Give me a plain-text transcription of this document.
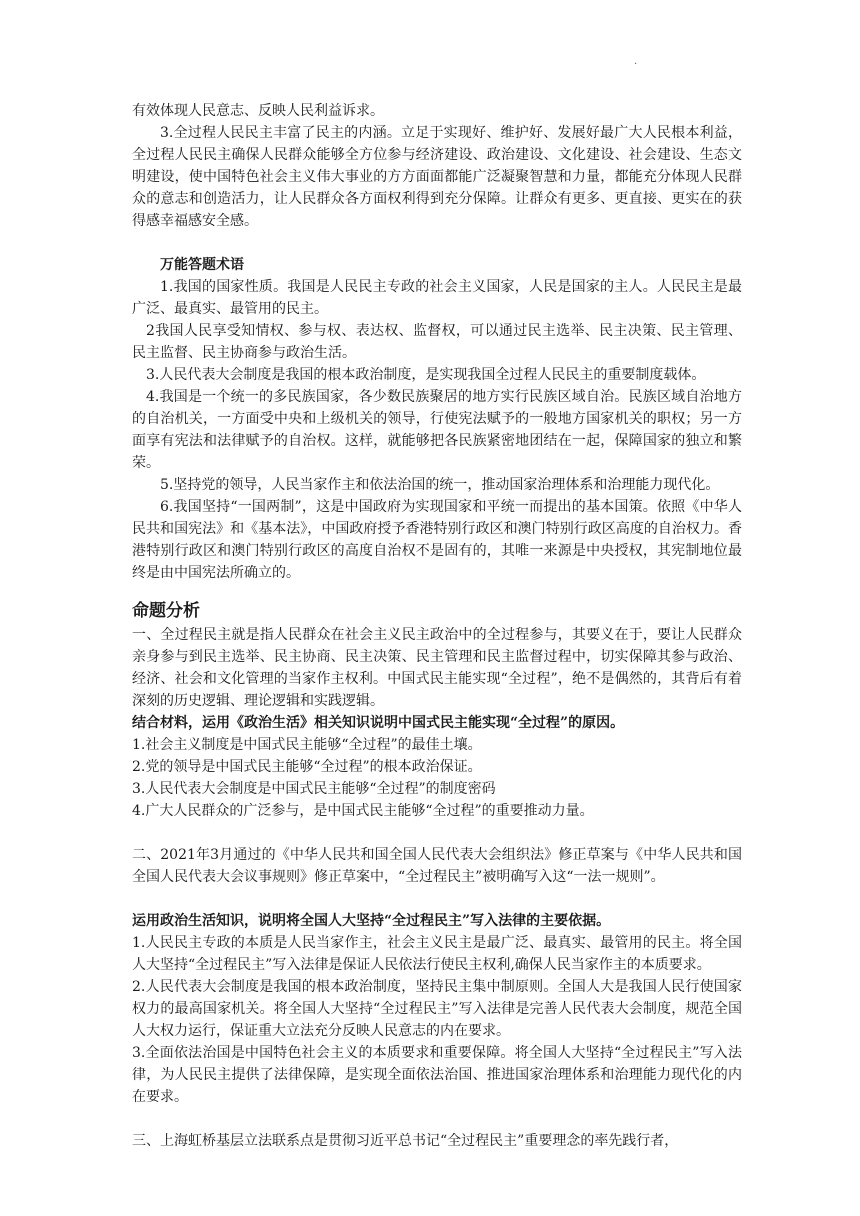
.

有效体现人民意志、反映人民利益诉求。

3.全过程人民民主丰富了民主的内涵。立足于实现好、维护好、发展好最广大人民根本利益，全过程人民民主确保人民群众能够全方位参与经济建设、政治建设、文化建设、社会建设、生态文明建设，使中国特色社会主义伟大事业的方方面面都能广泛凝聚智慧和力量，都能充分体现人民群众的意志和创造活力，让人民群众各方面权利得到充分保障。让群众有更多、更直接、更实在的获得感幸福感安全感。

万能答题术语

1.我国的国家性质。我国是人民民主专政的社会主义国家，人民是国家的主人。人民民主是最广泛、最真实、最管用的民主。

2我国人民享受知情权、参与权、表达权、监督权，可以通过民主选举、民主决策、民主管理、民主监督、民主协商参与政治生活。

3.人民代表大会制度是我国的根本政治制度，是实现我国全过程人民民主的重要制度载体。

4.我国是一个统一的多民族国家，各少数民族聚居的地方实行民族区域自治。民族区域自治地方的自治机关，一方面受中央和上级机关的领导，行使宪法赋予的一般地方国家机关的职权；另一方面享有宪法和法律赋予的自治权。这样，就能够把各民族紧密地团结在一起，保障国家的独立和繁荣。

5.坚持党的领导，人民当家作主和依法治国的统一，推动国家治理体系和治理能力现代化。

6.我国坚持“一国两制”，这是中国政府为实现国家和平统一而提出的基本国策。依照《中华人民共和国宪法》和《基本法》，中国政府授予香港特别行政区和澳门特别行政区高度的自治权力。香港特别行政区和澳门特别行政区的高度自治权不是固有的，其唯一来源是中央授权，其宪制地位最终是由中国宪法所确立的。

命题分析

一、全过程民主就是指人民群众在社会主义民主政治中的全过程参与，其要义在于，要让人民群众亲身参与到民主选举、民主协商、民主决策、民主管理和民主监督过程中，切实保障其参与政治、经济、社会和文化管理的当家作主权利。中国式民主能实现“全过程”，绝不是偶然的，其背后有着深刻的历史逻辑、理论逻辑和实践逻辑。

结合材料，运用《政治生活》相关知识说明中国式民主能实现“全过程”的原因。

1.社会主义制度是中国式民主能够“全过程”的最佳土壤。

2.党的领导是中国式民主能够“全过程”的根本政治保证。

3.人民代表大会制度是中国式民主能够“全过程”的制度密码

4.广大人民群众的广泛参与，是中国式民主能够“全过程”的重要推动力量。

二、2021年3月通过的《中华人民共和国全国人民代表大会组织法》修正草案与《中华人民共和国全国人民代表大会议事规则》修正草案中，“全过程民主”被明确写入这“一法一规则”。

运用政治生活知识，说明将全国人大坚持“全过程民主”写入法律的主要依据。

1.人民民主专政的本质是人民当家作主，社会主义民主是最广泛、最真实、最管用的民主。将全国人大坚持“全过程民主”写入法律是保证人民依法行使民主权利,确保人民当家作主的本质要求。

2.人民代表大会制度是我国的根本政治制度，坚持民主集中制原则。全国人大是我国人民行使国家权力的最高国家机关。将全国人大坚持“全过程民主”写入法律是完善人民代表大会制度，规范全国人大权力运行，保证重大立法充分反映人民意志的内在要求。

3.全面依法治国是中国特色社会主义的本质要求和重要保障。将全国人大坚持“全过程民主”写入法律，为人民民主提供了法律保障，是实现全面依法治国、推进国家治理体系和治理能力现代化的内在要求。

三、上海虹桥基层立法联系点是贯彻习近平总书记“全过程民主”重要理念的率先践行者，
